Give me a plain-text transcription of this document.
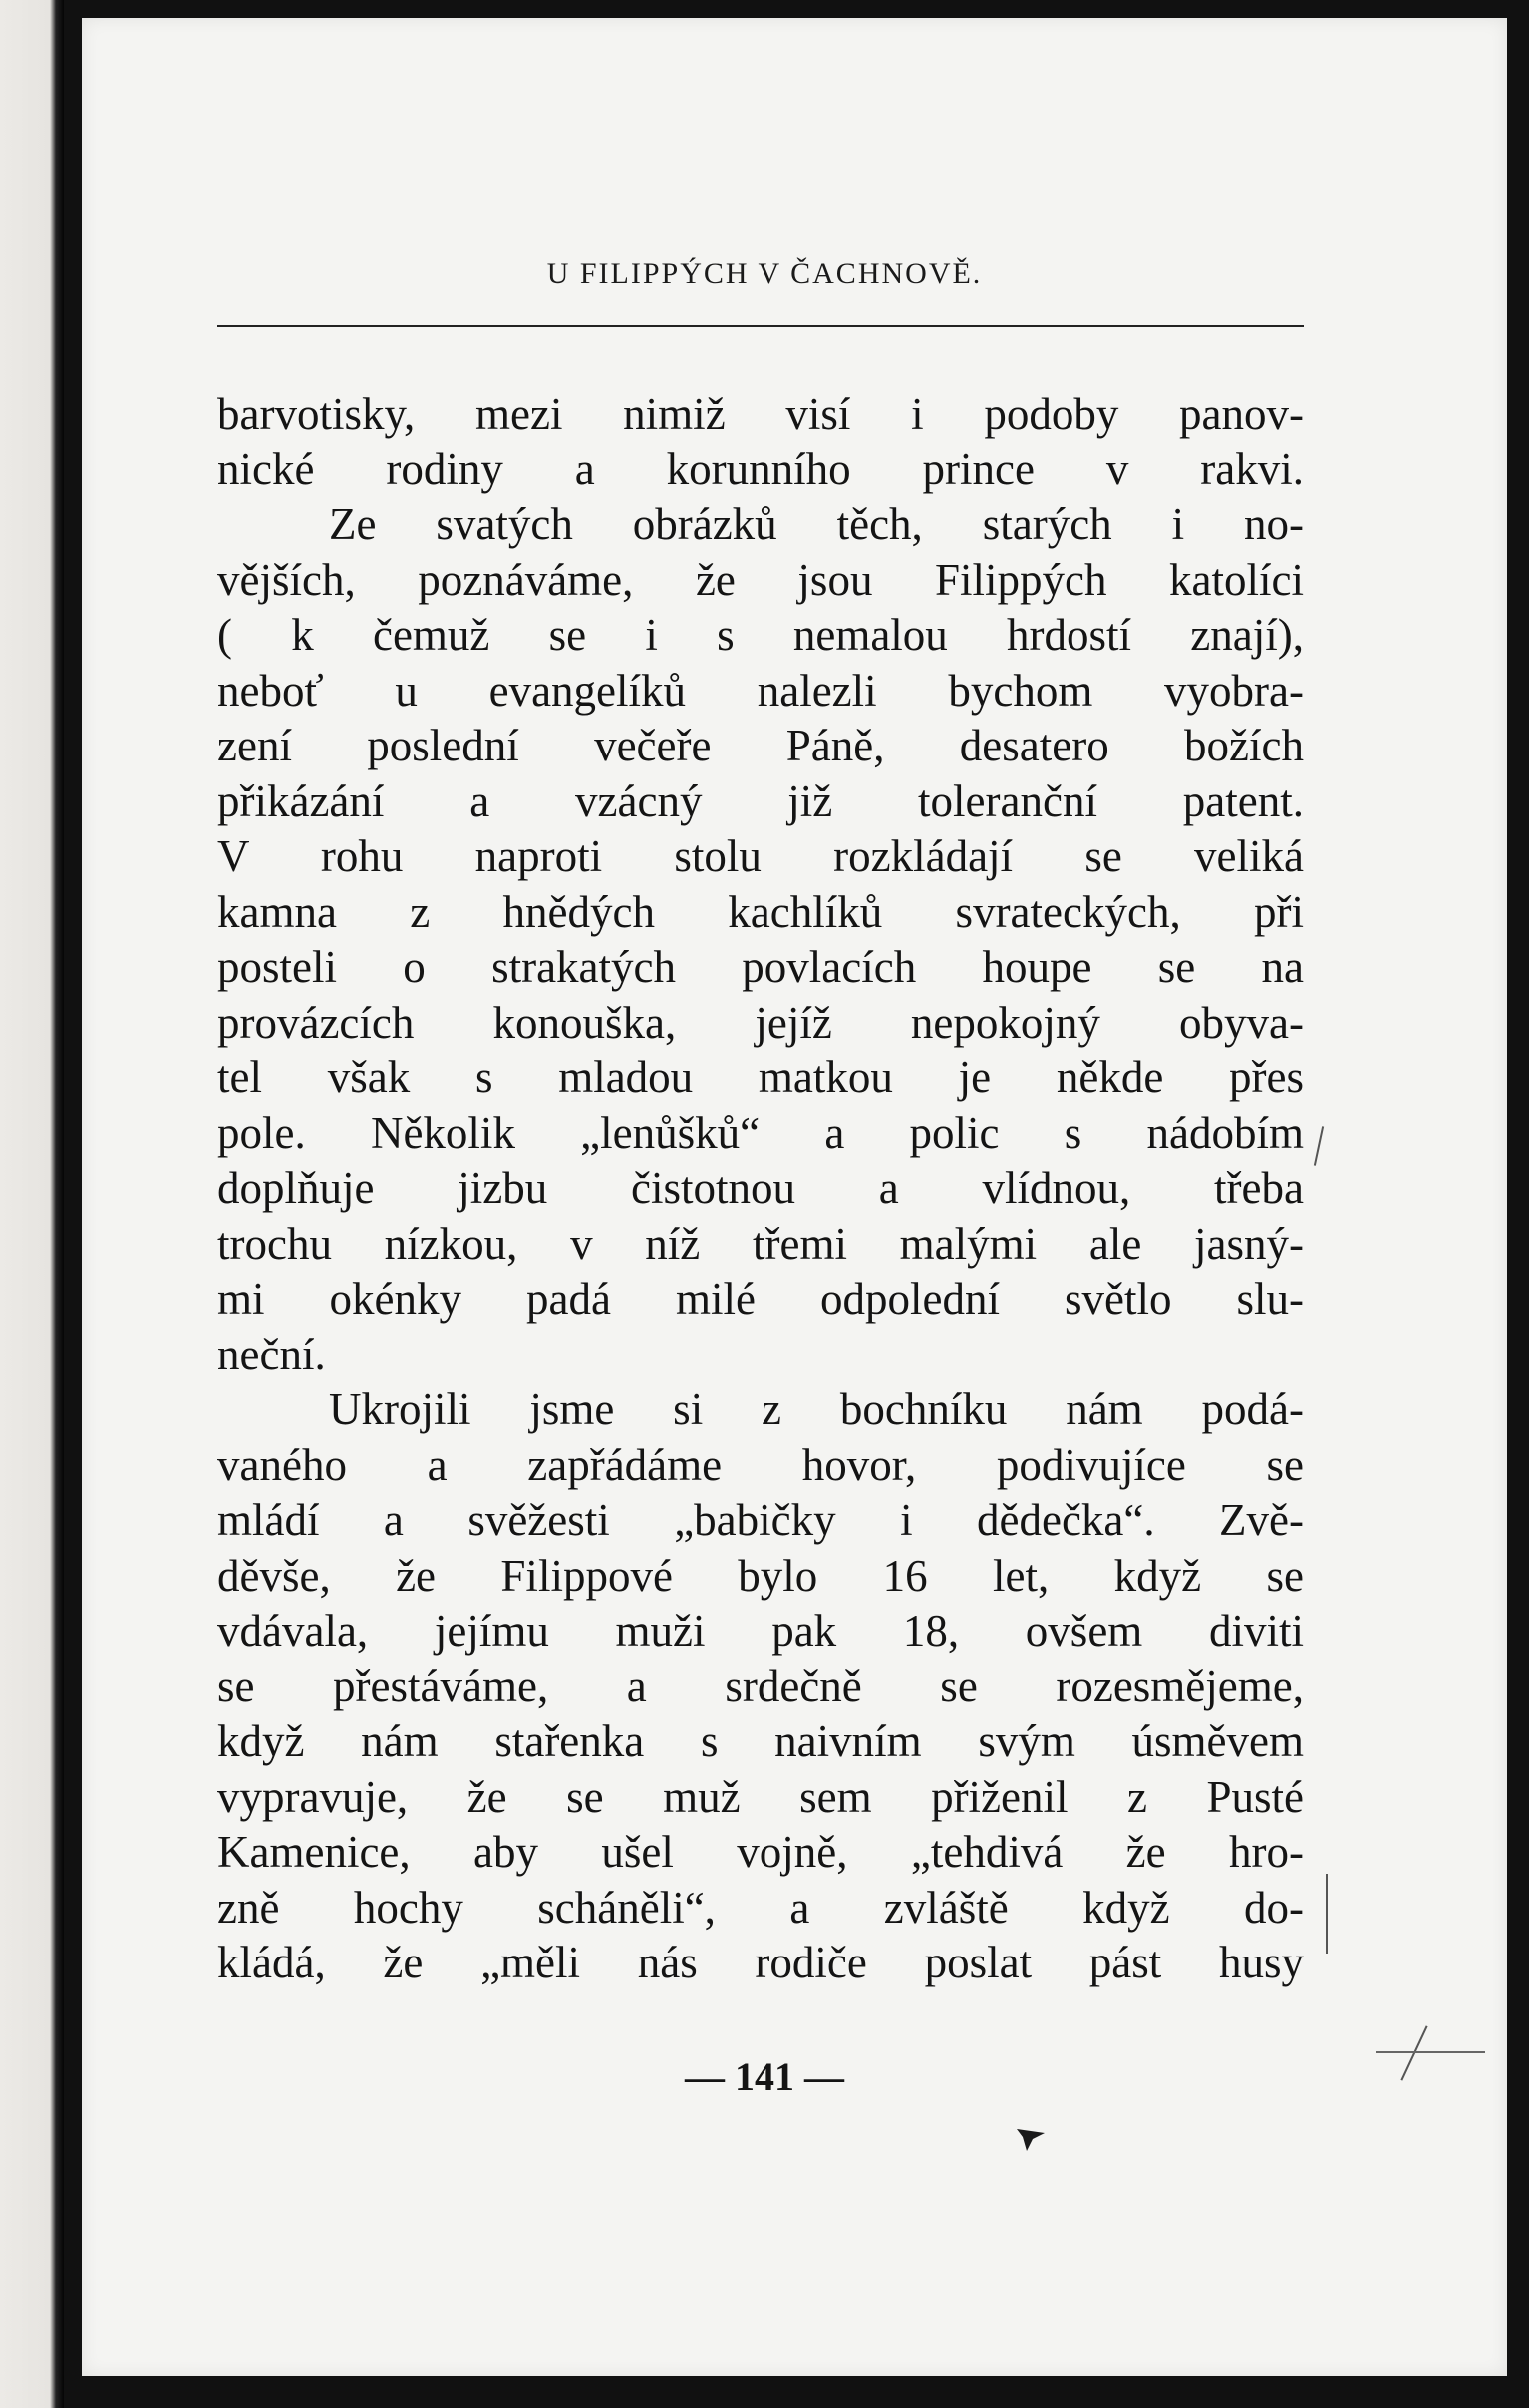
U FILIPPÝCH V ČACHNOVĚ.
barvotisky, mezi nimiž visí i podoby panov-
nické rodiny a korunního prince v rakvi.
Ze svatých obrázků těch, starých i no-
vějších, poznáváme, že jsou Filippých katolíci
( k čemuž se i s nemalou hrdostí znají),
neboť u evangelíků nalezli bychom vyobra-
zení poslední večeře Páně, desatero božích
přikázání a vzácný již toleranční patent.
V rohu naproti stolu rozkládají se veliká
kamna z hnědých kachlíků svrateckých, při
posteli o strakatých povlacích houpe se na
provázcích konouška, jejíž nepokojný obyva-
tel však s mladou matkou je někde přes
pole. Několik „lenůšků“ a polic s nádobím
doplňuje jizbu čistotnou a vlídnou, třeba
trochu nízkou, v níž třemi malými ale jasný-
mi okénky padá milé odpolední světlo slu-
neční.
Ukrojili jsme si z bochníku nám podá-
vaného a zapřádáme hovor, podivujíce se
mládí a svěžesti „babičky i dědečka“. Zvě-
děvše, že Filippové bylo 16 let, když se
vdávala, jejímu muži pak 18, ovšem diviti
se přestáváme, a srdečně se rozesmějeme,
když nám stařenka s naivním svým úsměvem
vypravuje, že se muž sem přiženil z Pusté
Kamenice, aby ušel vojně, „tehdivá že hro-
zně hochy scháněli“, a zvláště když do-
kládá, že „měli nás rodiče poslat pást husy
— 141 —
